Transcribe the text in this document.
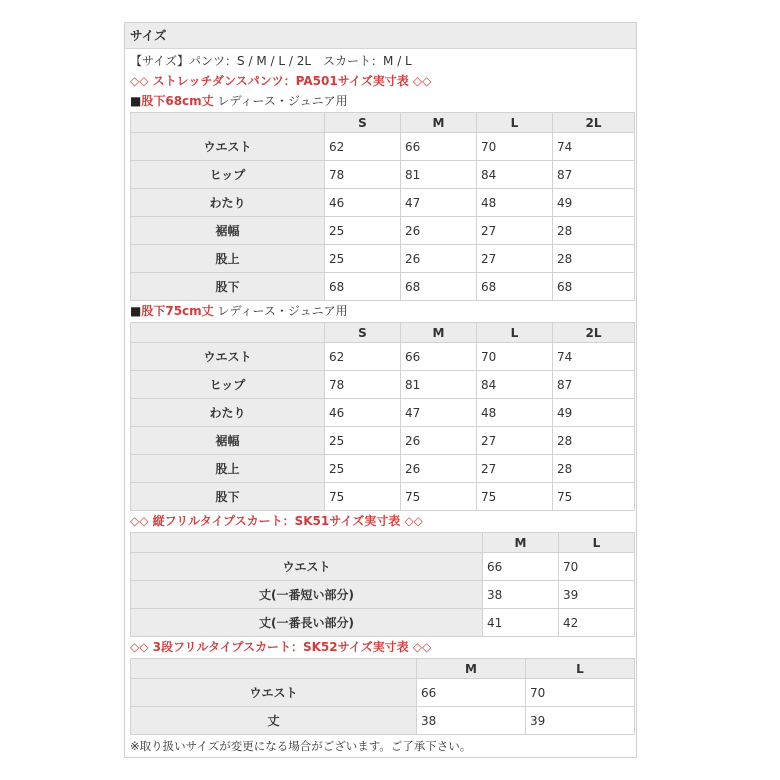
サイズ
【サイズ】パンツ：S / M / L / 2L　スカート：M / L
◇◇ ストレッチダンスパンツ：PA501サイズ実寸表 ◇◇
■股下68cm丈 レディース・ジュニア用
	S	M	L	2L
ウエスト	62	66	70	74
ヒップ	78	81	84	87
わたり	46	47	48	49
裾幅	25	26	27	28
股上	25	26	27	28
股下	68	68	68	68
■股下75cm丈 レディース・ジュニア用
	S	M	L	2L
ウエスト	62	66	70	74
ヒップ	78	81	84	87
わたり	46	47	48	49
裾幅	25	26	27	28
股上	25	26	27	28
股下	75	75	75	75
◇◇ 縦フリルタイプスカート：SK51サイズ実寸表 ◇◇
	M	L
ウエスト	66	70
丈(一番短い部分)	38	39
丈(一番長い部分)	41	42
◇◇ 3段フリルタイプスカート：SK52サイズ実寸表 ◇◇
	M	L
ウエスト	66	70
丈	38	39
※取り扱いサイズが変更になる場合がございます。ご了承下さい。
